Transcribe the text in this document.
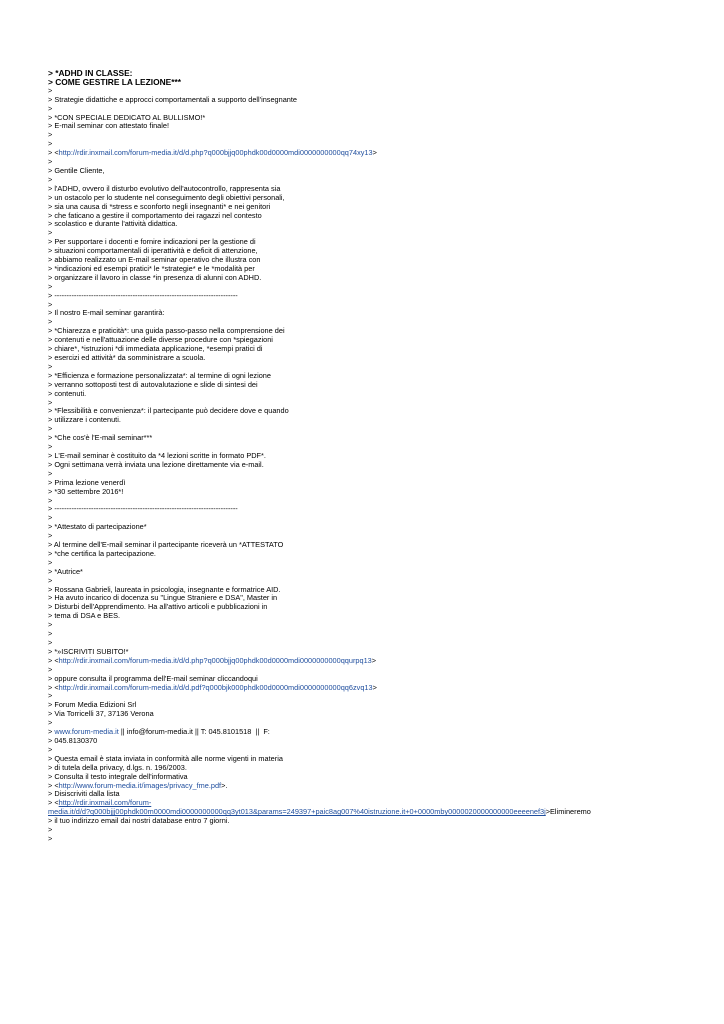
> *ADHD IN CLASSE:
> COME GESTIRE LA LEZIONE***
>
> Strategie didattiche e approcci comportamentali a supporto dell'insegnante
>
> *CON SPECIALE DEDICATO AL BULLISMO!*
> E-mail seminar con attestato finale!
>
>
> <http://rdir.inxmail.com/forum-media.it/d/d.php?q000bjjq00phdk00d0000mdi0000000000qq74xy13>
>
> Gentile Cliente,
>
> l'ADHD, ovvero il disturbo evolutivo dell'autocontrollo, rappresenta sia
> un ostacolo per lo studente nel conseguimento degli obiettivi personali,
> sia una causa di *stress e sconforto negli insegnanti* e nei genitori
> che faticano a gestire il comportamento dei ragazzi nel contesto
> scolastico e durante l'attività didattica.
>
> Per supportare i docenti e fornire indicazioni per la gestione di
> situazioni comportamentali di iperattività e deficit di attenzione,
> abbiamo realizzato un E-mail seminar operativo che illustra con
> *indicazioni ed esempi pratici* le *strategie* e le *modalità per
> organizzare il lavoro in classe *in presenza di alunni con ADHD.
>
> ---------------------------------------------------------------------------
>
> Il nostro E-mail seminar garantirà:
>
> *Chiarezza e praticità*: una guida passo-passo nella comprensione dei
> contenuti e nell'attuazione delle diverse procedure con *spiegazioni
> chiare*, *istruzioni *di immediata applicazione, *esempi pratici di
> esercizi ed attività* da somministrare a scuola.
>
> *Efficienza e formazione personalizzata*: al termine di ogni lezione
> verranno sottoposti test di autovalutazione e slide di sintesi dei
> contenuti.
>
> *Flessibilità e convenienza*: il partecipante può decidere dove e quando
> utilizzare i contenuti.
>
> *Che cos'è l'E-mail seminar***
>
> L'E-mail seminar è costituito da *4 lezioni scritte in formato PDF*.
> Ogni settimana verrà inviata una lezione direttamente via e-mail.
>
> Prima lezione venerdì
> *30 settembre 2016*!
>
> ---------------------------------------------------------------------------
>
> *Attestato di partecipazione*
>
> Al termine dell'E-mail seminar il partecipante riceverà un *ATTESTATO
> *che certifica la partecipazione.
>
> *Autrice*
>
> Rossana Gabrieli, laureata in psicologia, insegnante e formatrice AID.
> Ha avuto incarico di docenza su "Lingue Straniere e DSA", Master in
> Disturbi dell'Apprendimento. Ha all'attivo articoli e pubblicazioni in
> tema di DSA e BES.
>
>
>
> *»ISCRIVITI SUBITO!*
> <http://rdir.inxmail.com/forum-media.it/d/d.php?q000bjjq00phdk00d0000mdi0000000000qqurpq13>
>
> oppure consulta il programma dell'E-mail seminar cliccandoqui
> <http://rdir.inxmail.com/forum-media.it/d/d.pdf?q000bjk000phdk00d0000mdi0000000000qq6zvq13>
>
> Forum Media Edizioni Srl
> Via Torricelli 37, 37136 Verona
>
> www.forum-media.it || info@forum-media.it || T: 045.8101518  ||  F:
> 045.8130370
>
> Questa email è stata inviata in conformità alle norme vigenti in materia
> di tutela della privacy, d.lgs. n. 196/2003.
> Consulta il testo integrale dell'informativa
> <http://www.forum-media.it/images/privacy_fme.pdf>.
> Disiscriviti dalla lista
> <http://rdir.inxmail.com/forum-
media.it/d/d?q000bjjj00phdk00m0000mdi0000000000qq3yt013&params=249397+paic8ag007%40istruzione.it+0+0000mby0000020000000000eeeenef3j>Elimineremo
> il tuo indirizzo email dai nostri database entro 7 giorni.
>
>
